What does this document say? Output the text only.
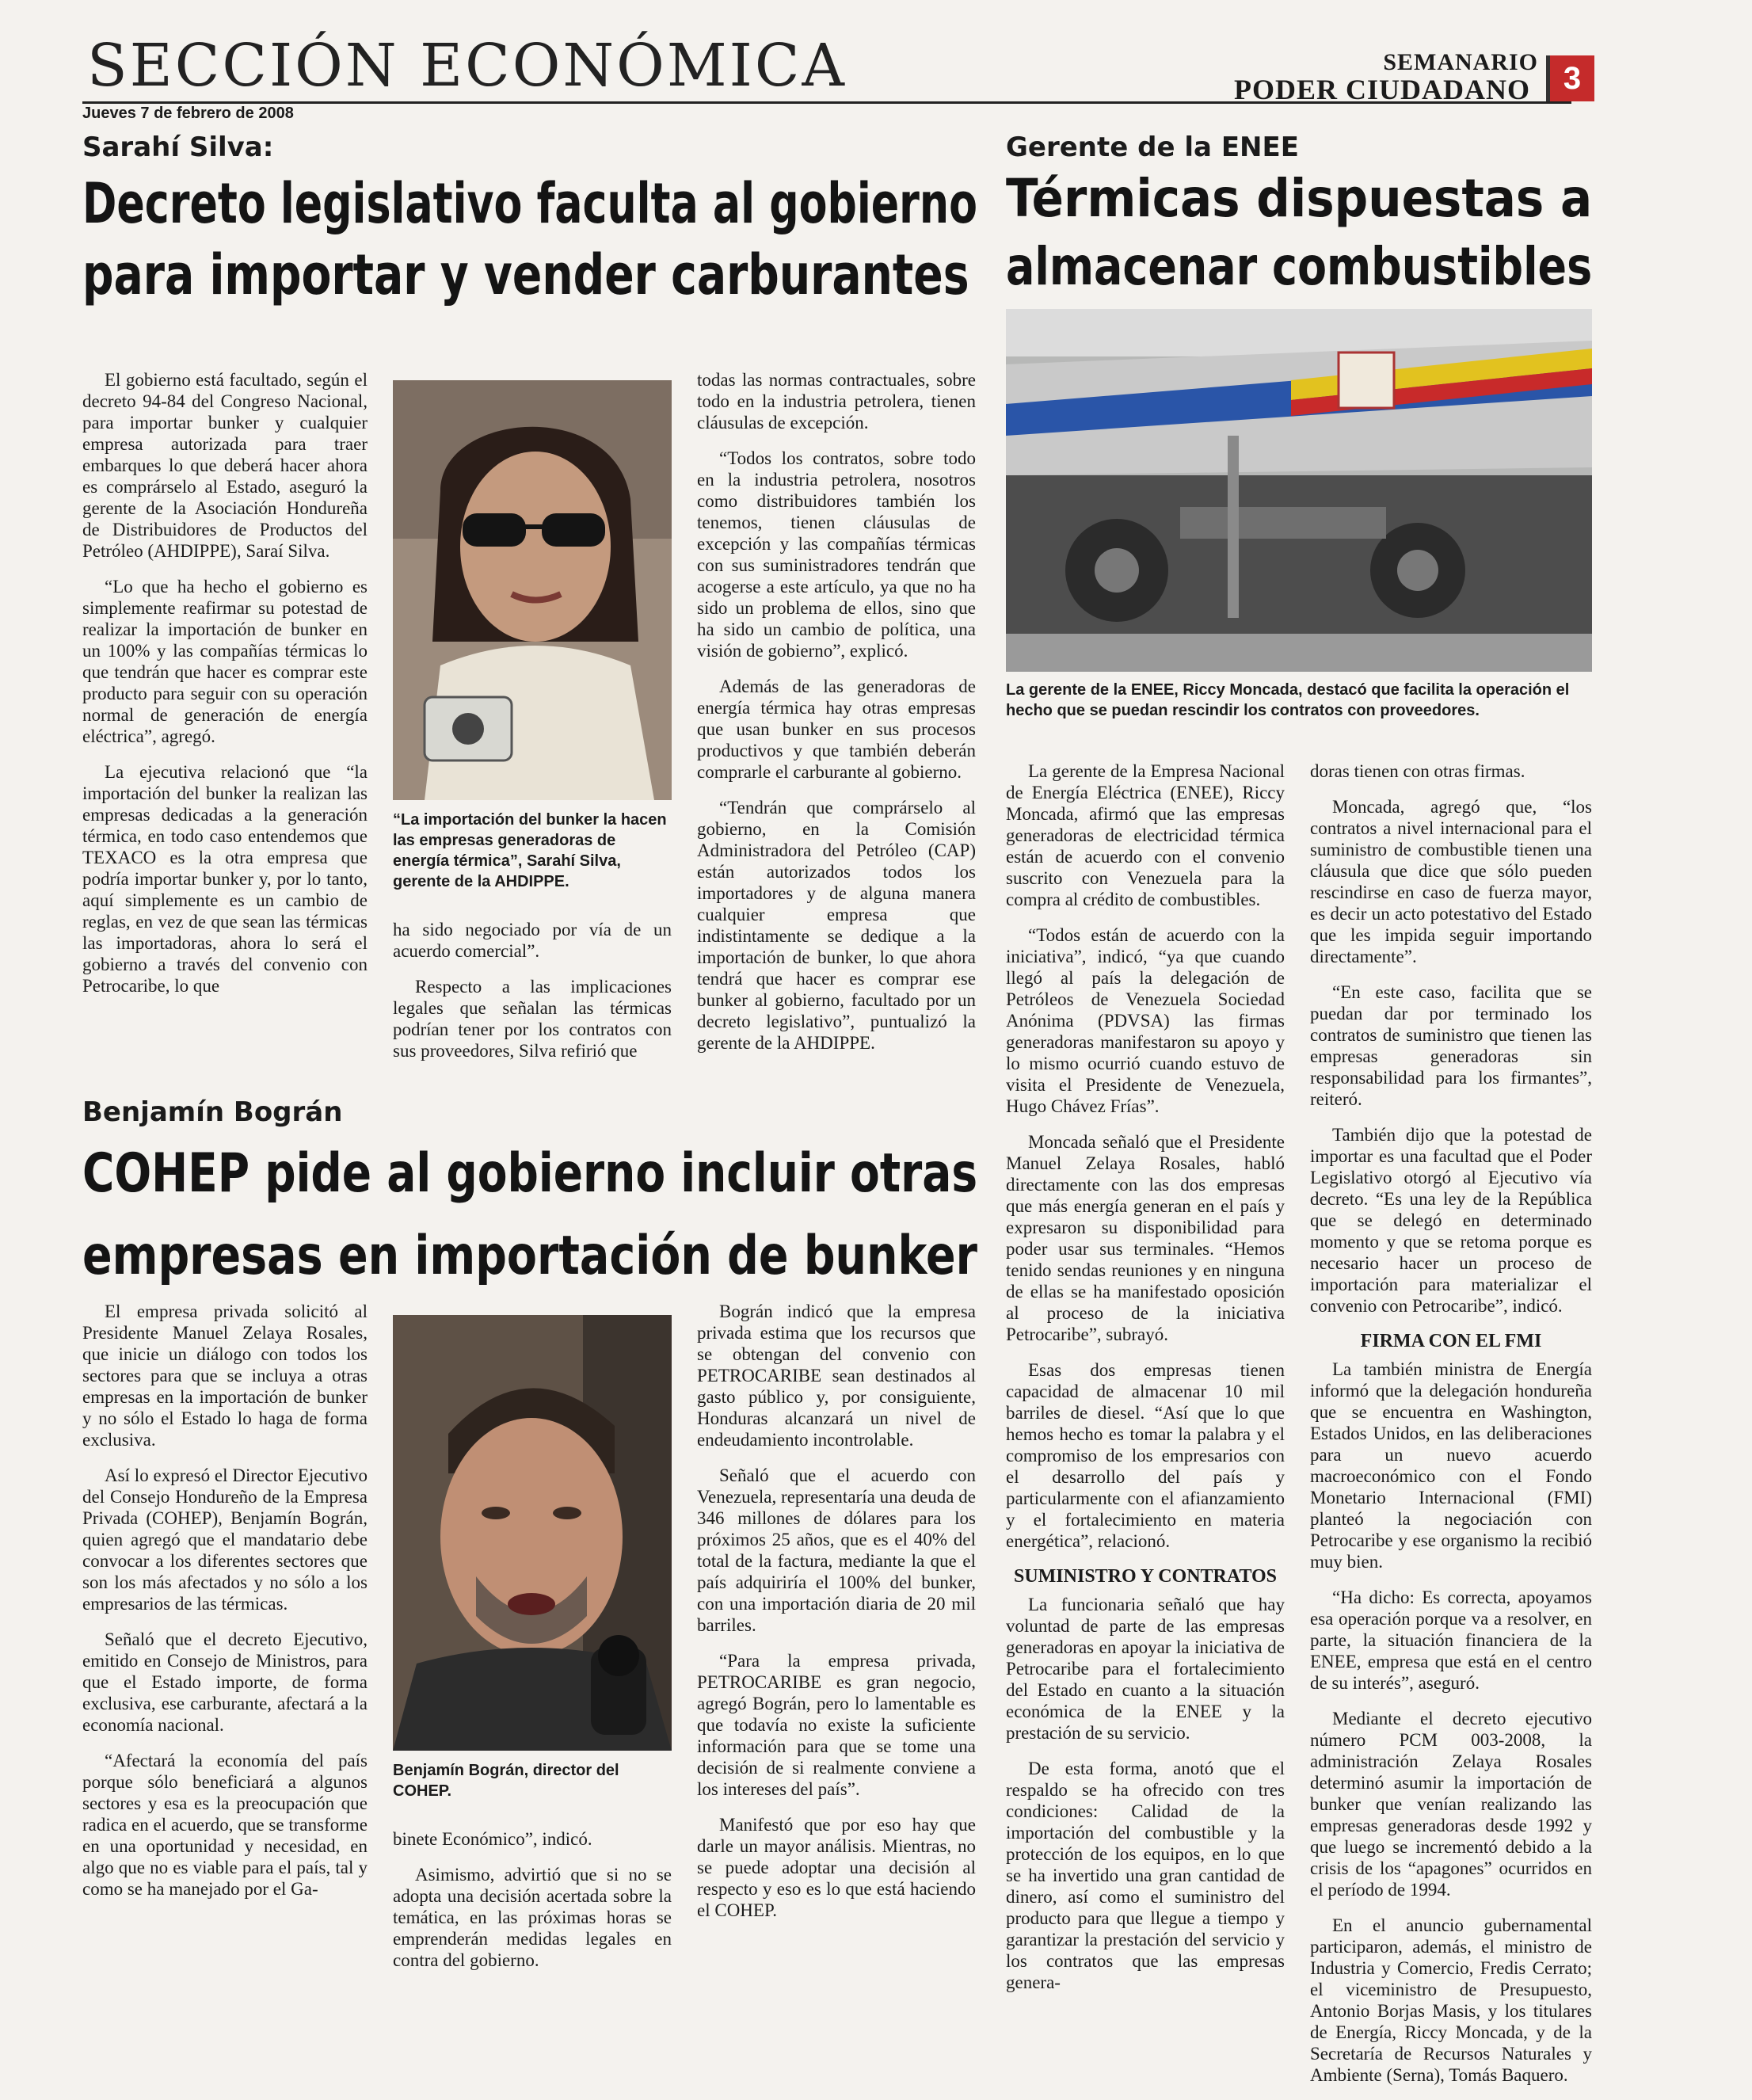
SECCIÓN ECONÓMICA
Jueves 7 de febrero de 2008
SEMANARIO
PODER CIUDADANO	3
Sarahí Silva:
Decreto legislativo faculta al gobierno
para importar y vender carburantes

El gobierno está facultado, según el decreto 94-84 del Congreso Nacional, para importar bunker y cualquier empresa autorizada para traer embarques lo que deberá hacer ahora es comprárselo al Estado, aseguró la gerente de la Asociación Hondureña de Distribuidores de Productos del Petróleo (AHDIPPE), Saraí Silva.

“Lo que ha hecho el gobierno es simplemente reafirmar su potestad de realizar la importación de bunker en un 100% y las compañías térmicas lo que tendrán que hacer es comprar este producto para seguir con su operación normal de generación de energía eléctrica”, agregó.

La ejecutiva relacionó que “la importación del bunker la realizan las empresas dedicadas a la generación térmica, en todo caso entendemos que TEXACO es la otra empresa que podría importar bunker y, por lo tanto, aquí simplemente es un cambio de reglas, en vez de que sean las térmicas las importadoras, ahora lo será el gobierno a través del convenio con Petrocaribe, lo que

“La importación del bunker la hacen las empresas generadoras de energía térmica”, Sarahí Silva, gerente de la AHDIPPE.

ha sido negociado por vía de un acuerdo comercial”.

Respecto a las implicaciones legales que señalan las térmicas podrían tener por los contratos con sus proveedores, Silva refirió que

todas las normas contractuales, sobre todo en la industria petrolera, tienen cláusulas de excepción.

“Todos los contratos, sobre todo en la industria petrolera, nosotros como distribuidores también los tenemos, tienen cláusulas de excepción y las compañías térmicas con sus suministradores tendrán que acogerse a este artículo, ya que no ha sido un problema de ellos, sino que ha sido un cambio de política, una visión de gobierno”, explicó.

Además de las generadoras de energía térmica hay otras empresas que usan bunker en sus procesos productivos y que también deberán comprarle el carburante al gobierno.

“Tendrán que comprárselo al gobierno, en la Comisión Administradora del Petróleo (CAP) están autorizados todos los importadores y de alguna manera cualquier empresa que indistintamente se dedique a la importación de bunker, lo que ahora tendrá que hacer es comprar ese bunker al gobierno, facultado por un decreto legislativo”, puntualizó la gerente de la AHDIPPE.

Gerente de la ENEE
Térmicas dispuestas a
almacenar combustibles
La gerente de la ENEE, Riccy Moncada, destacó que facilita la operación el hecho que se puedan rescindir los contratos con proveedores.

La gerente de la Empresa Nacional de Energía Eléctrica (ENEE), Riccy Moncada, afirmó que las empresas generadoras de electricidad térmica están de acuerdo con el convenio suscrito con Venezuela para la compra al crédito de combustibles.

“Todos están de acuerdo con la iniciativa”, indicó, “ya que cuando llegó al país la delegación de Petróleos de Venezuela Sociedad Anónima (PDVSA) las firmas generadoras manifestaron su apoyo y lo mismo ocurrió cuando estuvo de visita el Presidente de Venezuela, Hugo Chávez Frías”.

Moncada señaló que el Presidente Manuel Zelaya Rosales, habló directamente con las dos empresas que más energía generan en el país y expresaron su disponibilidad para poder usar sus terminales. “Hemos tenido sendas reuniones y en ninguna de ellas se ha manifestado oposición al proceso de la iniciativa Petrocaribe”, subrayó.

Esas dos empresas tienen capacidad de almacenar 10 mil barriles de diesel. “Así que lo que hemos hecho es tomar la palabra y el compromiso de los empresarios con el desarrollo del país y particularmente con el afianzamiento y el fortalecimiento en materia energética”, relacionó.

SUMINISTRO Y CONTRATOS

La funcionaria señaló que hay voluntad de parte de las empresas generadoras en apoyar la iniciativa de Petrocaribe para el fortalecimiento del Estado en cuanto a la situación económica de la ENEE y la prestación de su servicio.

De esta forma, anotó que el respaldo se ha ofrecido con tres condiciones: Calidad de la importación del combustible y la protección de los equipos, en lo que se ha invertido una gran cantidad de dinero, así como el suministro del producto para que llegue a tiempo y garantizar la prestación del servicio y los contratos que las empresas genera-

doras tienen con otras firmas.

Moncada, agregó que, “los contratos a nivel internacional para el suministro de combustible tienen una cláusula que dice que sólo pueden rescindirse en caso de fuerza mayor, es decir un acto potestativo del Estado que les impida seguir importando directamente”.

“En este caso, facilita que se puedan dar por terminado los contratos de suministro que tienen las empresas generadoras sin responsabilidad para los firmantes”, reiteró.

También dijo que la potestad de importar es una facultad que el Poder Legislativo otorgó al Ejecutivo vía decreto. “Es una ley de la República que se delegó en determinado momento y que se retoma porque es necesario hacer un proceso de importación para materializar el convenio con Petrocaribe”, indicó.

FIRMA CON EL FMI

La también ministra de Energía informó que la delegación hondureña que se encuentra en Washington, Estados Unidos, en las deliberaciones para un nuevo acuerdo macroeconómico con el Fondo Monetario Internacional (FMI) planteó la negociación con Petrocaribe y ese organismo la recibió muy bien.

“Ha dicho: Es correcta, apoyamos esa operación porque va a resolver, en parte, la situación financiera de la ENEE, empresa que está en el centro de su interés”, aseguró.

Mediante el decreto ejecutivo número PCM 003-2008, la administración Zelaya Rosales determinó asumir la importación de bunker que venían realizando las empresas generadoras desde 1992 y que luego se incrementó debido a la crisis de los “apagones” ocurridos en el período de 1994.

En el anuncio gubernamental participaron, además, el ministro de Industria y Comercio, Fredis Cerrato; el viceministro de Presupuesto, Antonio Borjas Masis, y los titulares de Energía, Riccy Moncada, y de la Secretaría de Recursos Naturales y Ambiente (Serna), Tomás Baquero.

Benjamín Bográn
COHEP pide al gobierno incluir otras
empresas en importación de bunker

El empresa privada solicitó al Presidente Manuel Zelaya Rosales, que inicie un diálogo con todos los sectores para que se incluya a otras empresas en la importación de bunker y no sólo el Estado lo haga de forma exclusiva.

Así lo expresó el Director Ejecutivo del Consejo Hondureño de la Empresa Privada (COHEP), Benjamín Bográn, quien agregó que el mandatario debe convocar a los diferentes sectores que son los más afectados y no sólo a los empresarios de las térmicas.

Señaló que el decreto Ejecutivo, emitido en Consejo de Ministros, para que el Estado importe, de forma exclusiva, ese carburante, afectará a la economía nacional.

“Afectará la economía del país porque sólo beneficiará a algunos sectores y esa es la preocupación que radica en el acuerdo, que se transforme en una oportunidad y necesidad, en algo que no es viable para el país, tal y como se ha manejado por el Ga-

Benjamín Bográn, director del COHEP.

binete Económico”, indicó.

Asimismo, advirtió que si no se adopta una decisión acertada sobre la temática, en las próximas horas se emprenderán medidas legales en contra del gobierno.

Bográn indicó que la empresa privada estima que los recursos que se obtengan del convenio con PETROCARIBE sean destinados al gasto público y, por consiguiente, Honduras alcanzará un nivel de endeudamiento incontrolable.

Señaló que el acuerdo con Venezuela, representaría una deuda de 346 millones de dólares para los próximos 25 años, que es el 40% del total de la factura, mediante la que el país adquiriría el 100% del bunker, con una importación diaria de 20 mil barriles.

“Para la empresa privada, PETROCARIBE es gran negocio, agregó Bográn, pero lo lamentable es que todavía no existe la suficiente información para que se tome una decisión de si realmente conviene a los intereses del país”.

Manifestó que por eso hay que darle un mayor análisis. Mientras, no se puede adoptar una decisión al respecto y eso es lo que está haciendo el COHEP.
